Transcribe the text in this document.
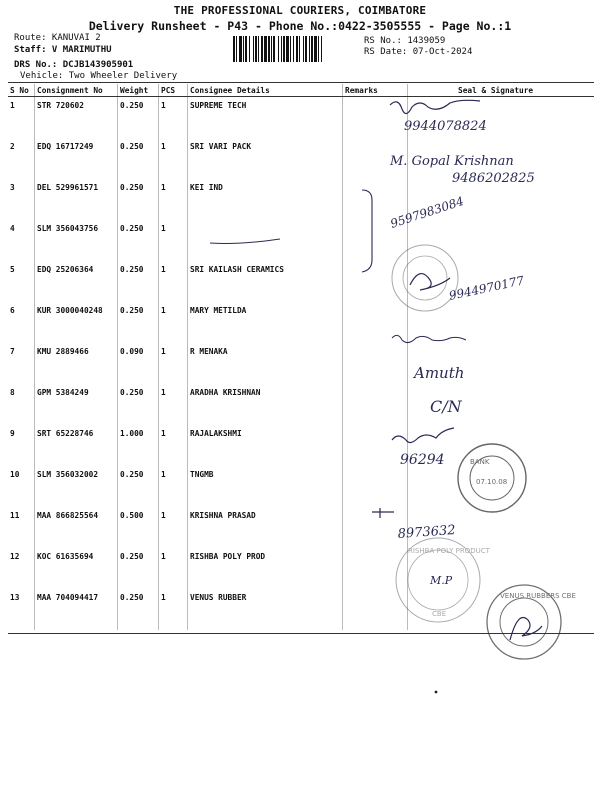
THE PROFESSIONAL COURIERS, COIMBATORE
Delivery Runsheet - P43 - Phone No.:0422-3505555 - Page No.:1
Route: KANUVAI 2
Staff: V MARIMUTHU
DRS No.: DCJB143905901
Vehicle: Two Wheeler Delivery
RS No.: 1439059
RS Date: 07-Oct-2024
S No	Consignment No	Weight	PCS	Consignee Details	Remarks	Seal & Signature
1	STR 720602	0.250	1	SUPREME TECH		
2	EDQ 16717249	0.250	1	SRI VARI PACK		
3	DEL 529961571	0.250	1	KEI IND		
4	SLM 356043756	0.250	1			
5	EDQ 25206364	0.250	1	SRI KAILASH CERAMICS		
6	KUR 3000040248	0.250	1	MARY METILDA		
7	KMU 2889466	0.090	1	R MENAKA		
8	GPM 5384249	0.250	1	ARADHA KRISHNAN		
9	SRT 65228746	1.000	1	RAJALAKSHMI		
10	SLM 356032002	0.250	1	TNGMB		
11	MAA 866825564	0.500	1	KRISHNA PRASAD		
12	KOC 61635694	0.250	1	RISHBA POLY PROD		
13	MAA 704094417	0.250	1	VENUS RUBBER		
9944078824
M. Gopal Krishnan
9486202825
9597983084
9944970177
Amuth
C/N
96294	BANK
07.10.08
8973632
RISHBA POLY PRODUCT
CBE
M.P
VENUS RUBBERS CBE
